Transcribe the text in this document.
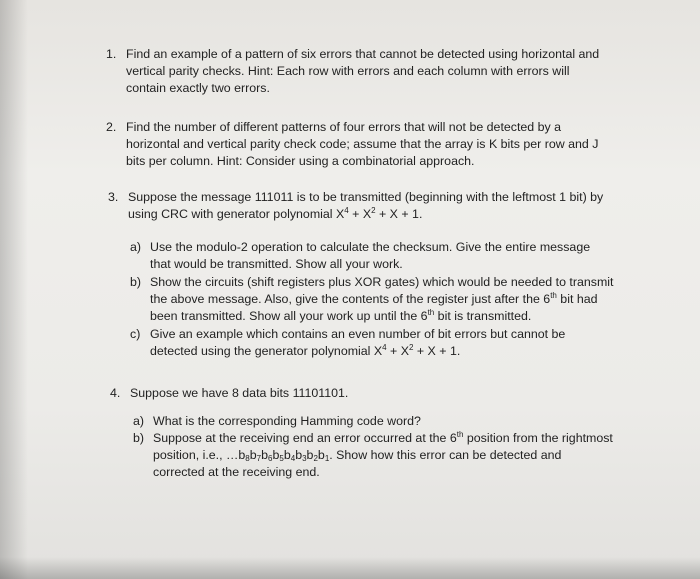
1. Find an example of a pattern of six errors that cannot be detected using horizontal and
vertical parity checks. Hint: Each row with errors and each column with errors will
contain exactly two errors.
2. Find the number of different patterns of four errors that will not be detected by a
horizontal and vertical parity check code; assume that the array is K bits per row and J
bits per column. Hint: Consider using a combinatorial approach.
3. Suppose the message 111011 is to be transmitted (beginning with the leftmost 1 bit) by
using CRC with generator polynomial $X^4 + X^2 + X + 1$.
a) Use the modulo-2 operation to calculate the checksum. Give the entire message
that would be transmitted. Show all your work.
b) Show the circuits (shift registers plus XOR gates) which would be needed to transmit
the above message. Also, give the contents of the register just after the 6th bit had
been transmitted. Show all your work up until the 6th bit is transmitted.
c) Give an example which contains an even number of bit errors but cannot be
detected using the generator polynomial $X^4 + X^2 + X + 1$.
4. Suppose we have 8 data bits 11101101.
a) What is the corresponding Hamming code word?
b) Suppose at the receiving end an error occurred at the 6th position from the rightmost
position, i.e., $\dots b_8b_7b_6b_5b_4b_3b_2b_1$. Show how this error can be detected and
corrected at the receiving end.
